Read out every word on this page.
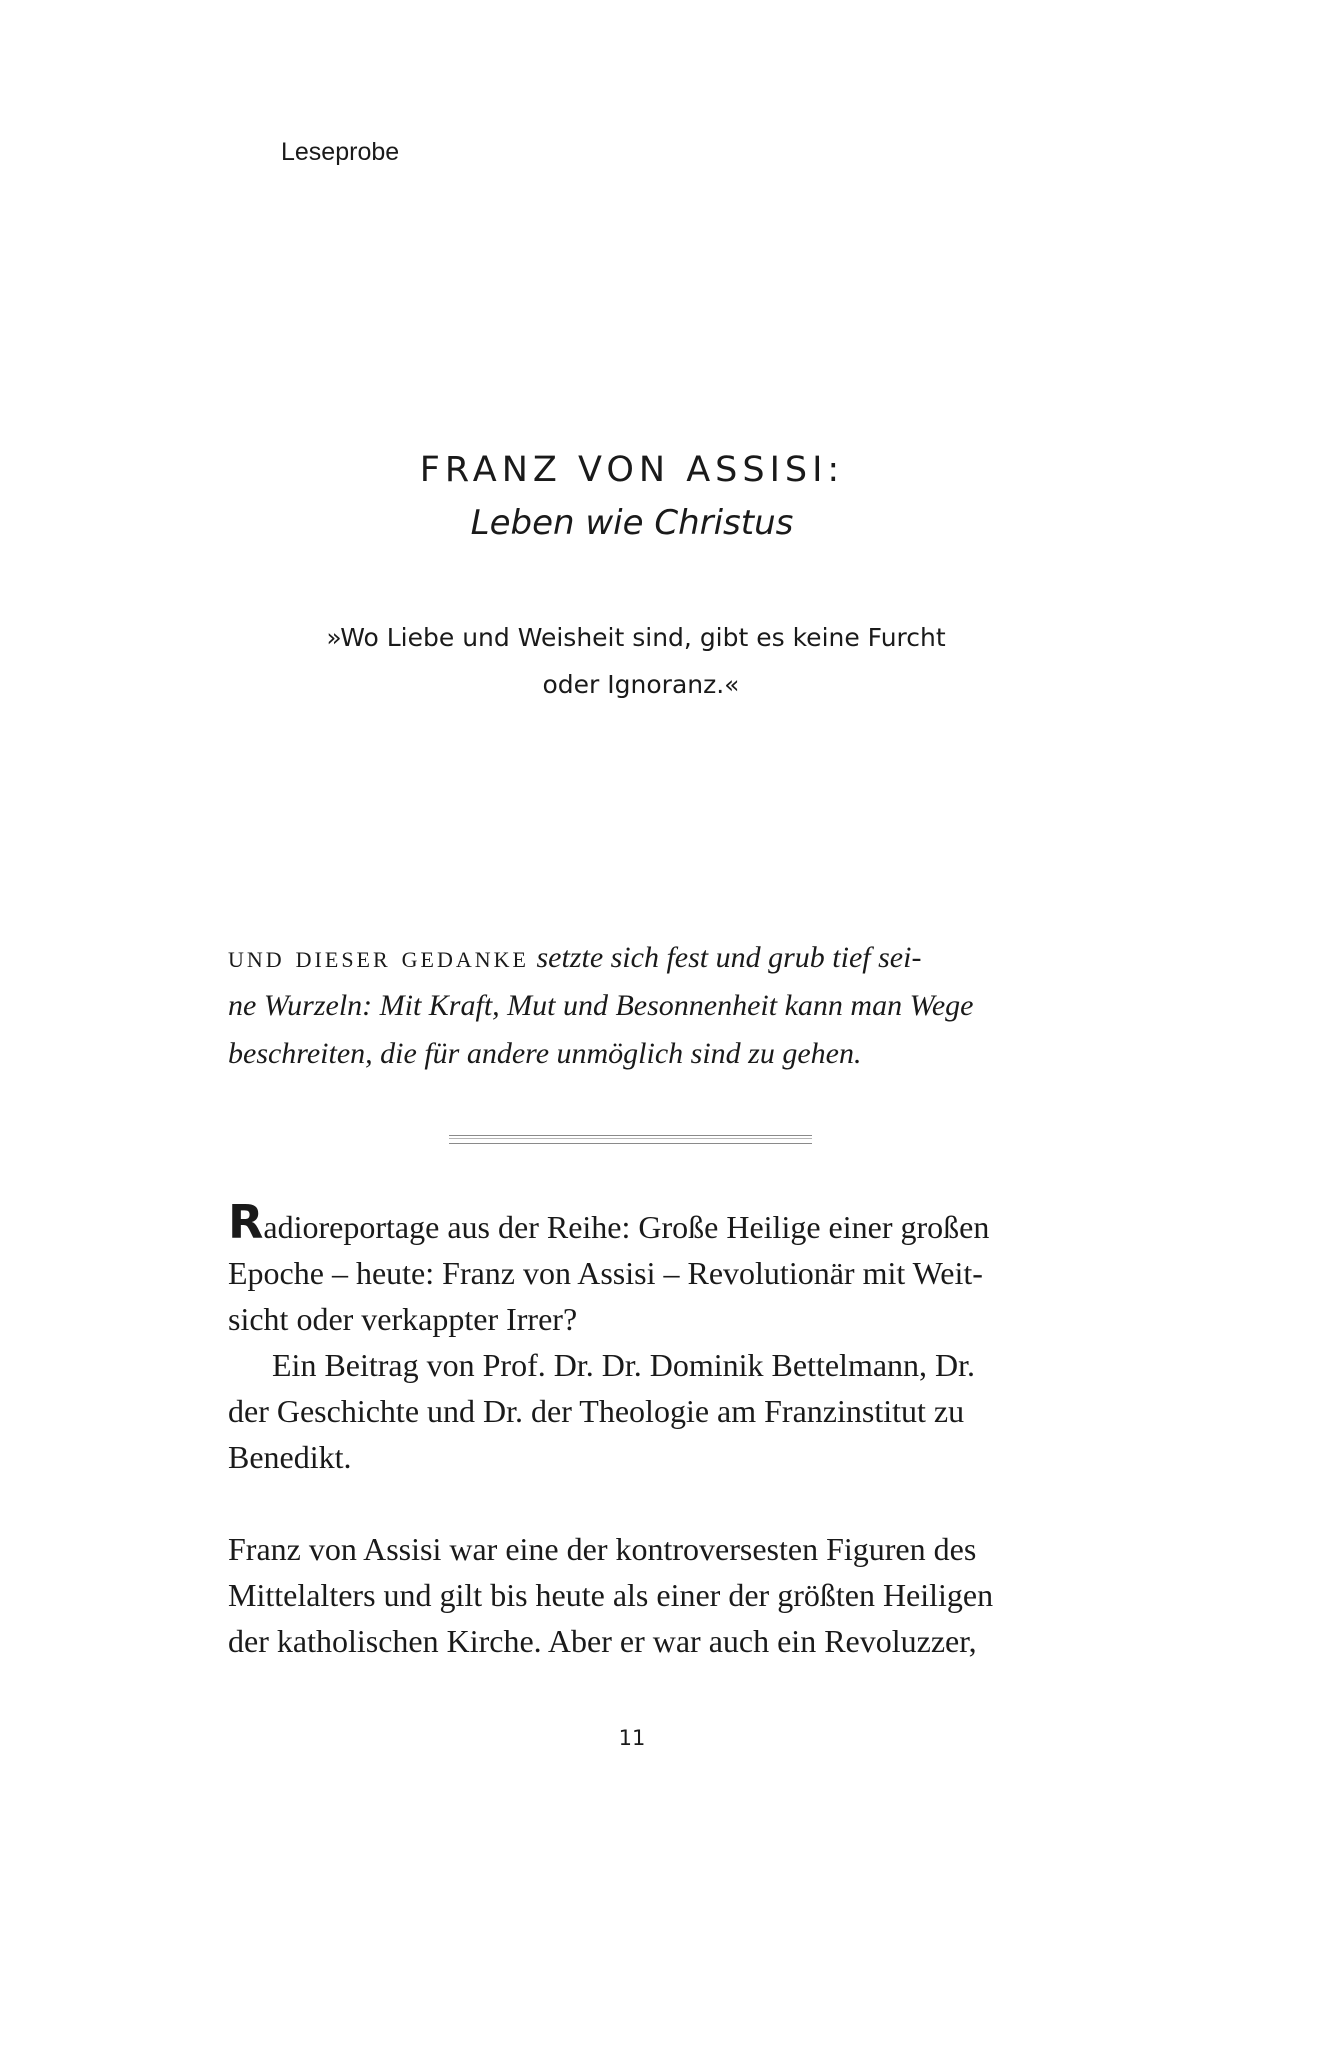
Leseprobe
FRANZ VON ASSISI:
Leben wie Christus
»Wo Liebe und Weisheit sind, gibt es keine Furcht
oder Ignoranz.«
und dieser gedanke setzte sich fest und grub tief sei-
ne Wurzeln: Mit Kraft, Mut und Besonnenheit kann man Wege
beschreiten, die für andere unmöglich sind zu gehen.

Radioreportage aus der Reihe: Große Heilige einer großen
Epoche – heute: Franz von Assisi – Revolutionär mit Weit-
sicht oder verkappter Irrer?

Ein Beitrag von Prof. Dr. Dr. Dominik Bettelmann, Dr.
der Geschichte und Dr. der Theologie am Franzinstitut zu
Benedikt.

Franz von Assisi war eine der kontroversesten Figuren des
Mittelalters und gilt bis heute als einer der größten Heiligen
der katholischen Kirche. Aber er war auch ein Revoluzzer,

11
